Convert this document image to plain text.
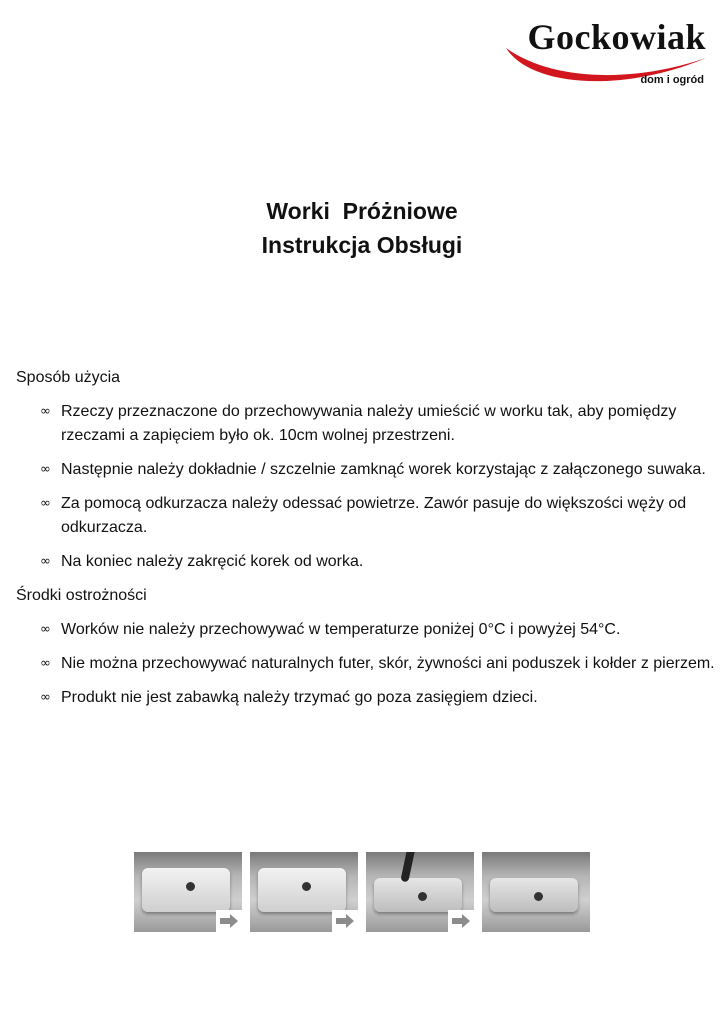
Gockowiak
dom i ogród
Worki  Próżniowe
Instrukcja Obsługi

Sposób użycia

∞ Rzeczy przeznaczone do przechowywania należy umieścić w worku tak, aby pomiędzy rzeczami a zapięciem było ok. 10cm wolnej przestrzeni.
∞ Następnie należy dokładnie / szczelnie zamknąć worek korzystając z załączonego suwaka.
∞ Za pomocą odkurzacza należy odessać powietrze. Zawór pasuje do większości węży od odkurzacza.
∞ Na koniec należy zakręcić korek od worka.

Środki ostrożności

∞ Worków nie należy przechowywać w temperaturze poniżej 0°C i powyżej 54°C.
∞ Nie można przechowywać naturalnych futer, skór, żywności ani poduszek i kołder z pierzem.
∞ Produkt nie jest zabawką należy trzymać go poza zasięgiem dzieci.
